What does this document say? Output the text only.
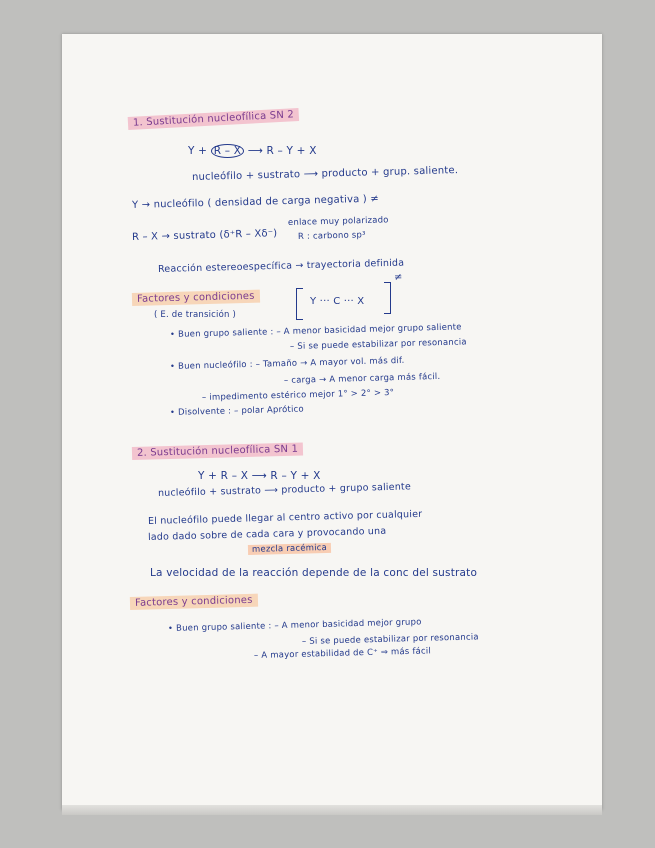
1. Sustitución nucleofílica SN 2
Y + R – X ⟶ R – Y + X
nucleófilo + sustrato ⟶ producto + grup. saliente.
Y → nucleófilo ( densidad de carga negativa ) ≠
R – X → sustrato (δ⁺R – Xδ⁻)
enlace muy polarizado
R : carbono sp³
Reacción estereoespecífica → trayectoria definida
Factores y condiciones
( E. de transición )
Y ··· C ··· X
≠
• Buen grupo saliente : – A menor basicidad mejor grupo saliente
– Si se puede estabilizar por resonancia
• Buen nucleófilo : – Tamaño → A mayor vol. más dif.
– carga → A menor carga más fácil.
– impedimento estérico mejor 1° > 2° > 3°
• Disolvente : – polar Aprótico
2. Sustitución nucleofílica SN 1
Y + R – X ⟶ R – Y + X
nucleófilo + sustrato ⟶ producto + grupo saliente
El nucleófilo puede llegar al centro activo por cualquier
lado dado sobre de cada cara y provocando una
mezcla racémica
La velocidad de la reacción depende de la conc del sustrato
Factores y condiciones
• Buen grupo saliente : – A menor basicidad mejor grupo
– Si se puede estabilizar por resonancia
– A mayor estabilidad de C⁺ ⇒ más fácil
